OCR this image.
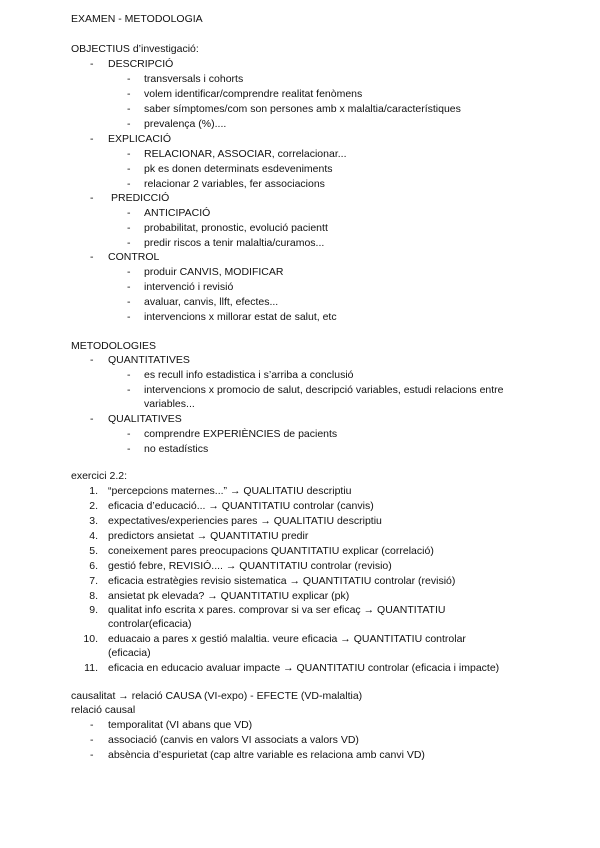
EXAMEN - METODOLOGIA
OBJECTIUS d’investigació:
- DESCRIPCIÓ
- transversals i cohorts
- volem identificar/comprendre realitat fenòmens
- saber símptomes/com son persones amb x malaltia/característiques
- prevalença (%)....
- EXPLICACIÓ
- RELACIONAR, ASSOCIAR, correlacionar...
- pk es donen determinats esdeveniments
- relacionar 2 variables, fer associacions
- PREDICCIÓ
- ANTICIPACIÓ
- probabilitat, pronostic, evolució pacientt
- predir riscos a tenir malaltia/curamos...
- CONTROL
- produir CANVIS, MODIFICAR
- intervenció i revisió
- avaluar, canvis, llft, efectes...
- intervencions x millorar estat de salut, etc
METODOLOGIES
- QUANTITATIVES
- es recull info estadistica i s’arriba a conclusió
- intervencions x promocio de salut, descripció variables, estudi relacions entre
variables...
- QUALITATIVES
- comprendre EXPERIÈNCIES de pacients
- no estadístics
exercici 2.2:
1. “percepcions maternes...” → QUALITATIU descriptiu
2. eficacia d’educació... → QUANTITATIU controlar (canvis)
3. expectatives/experiencies pares → QUALITATIU descriptiu
4. predictors ansietat → QUANTITATIU predir
5. coneixement pares preocupacions QUANTITATIU explicar (correlació)
6. gestió febre, REVISIÓ.... → QUANTITATIU controlar (revisio)
7. eficacia estratègies revisio sistematica → QUANTITATIU controlar (revisió)
8. ansietat pk elevada? → QUANTITATIU explicar (pk)
9. qualitat info escrita x pares. comprovar si va ser eficaç → QUANTITATIU
controlar(eficacia)
10. eduacaio a pares x gestió malaltia. veure eficacia → QUANTITATIU controlar
(eficacia)
11. eficacia en educacio avaluar impacte → QUANTITATIU controlar (eficacia i impacte)
causalitat → relació CAUSA (VI-expo) - EFECTE (VD-malaltia)
relació causal
- temporalitat (VI abans que VD)
- associació (canvis en valors VI associats a valors VD)
- absència d’espurietat (cap altre variable es relaciona amb canvi VD)
